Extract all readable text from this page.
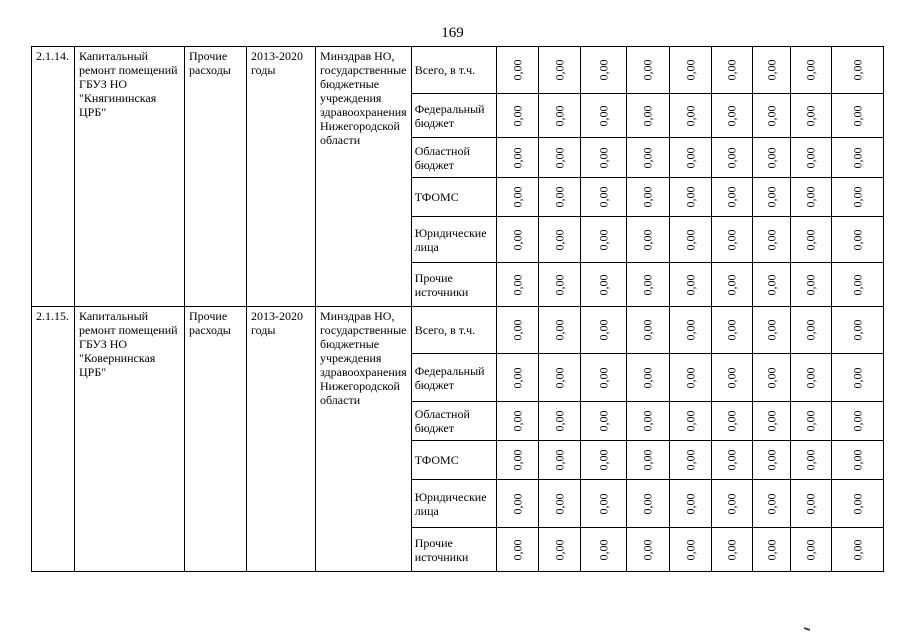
169
2.1.14.	Капитальный ремонт помещений ГБУЗ НО "Княгининская ЦРБ"	Прочие расходы	2013-2020 годы	Минздрав НО, государственные бюджетные учреждения здравоохранения Нижегородской области	Всего, в т.ч.	0,00	0,00	0,00	0,00	0,00	0,00	0,00	0,00	0,00
					Федеральный бюджет	0,00	0,00	0,00	0,00	0,00	0,00	0,00	0,00	0,00
					Областной бюджет	0,00	0,00	0,00	0,00	0,00	0,00	0,00	0,00	0,00
					ТФОМС	0,00	0,00	0,00	0,00	0,00	0,00	0,00	0,00	0,00
					Юридические лица	0,00	0,00	0,00	0,00	0,00	0,00	0,00	0,00	0,00
					Прочие источники	0,00	0,00	0,00	0,00	0,00	0,00	0,00	0,00	0,00
2.1.15.	Капитальный ремонт помещений ГБУЗ НО "Ковернинская ЦРБ"	Прочие расходы	2013-2020 годы	Минздрав НО, государственные бюджетные учреждения здравоохранения Нижегородской области	Всего, в т.ч.	0,00	0,00	0,00	0,00	0,00	0,00	0,00	0,00	0,00
					Федеральный бюджет	0,00	0,00	0,00	0,00	0,00	0,00	0,00	0,00	0,00
					Областной бюджет	0,00	0,00	0,00	0,00	0,00	0,00	0,00	0,00	0,00
					ТФОМС	0,00	0,00	0,00	0,00	0,00	0,00	0,00	0,00	0,00
					Юридические лица	0,00	0,00	0,00	0,00	0,00	0,00	0,00	0,00	0,00
					Прочие источники	0,00	0,00	0,00	0,00	0,00	0,00	0,00	0,00	0,00
